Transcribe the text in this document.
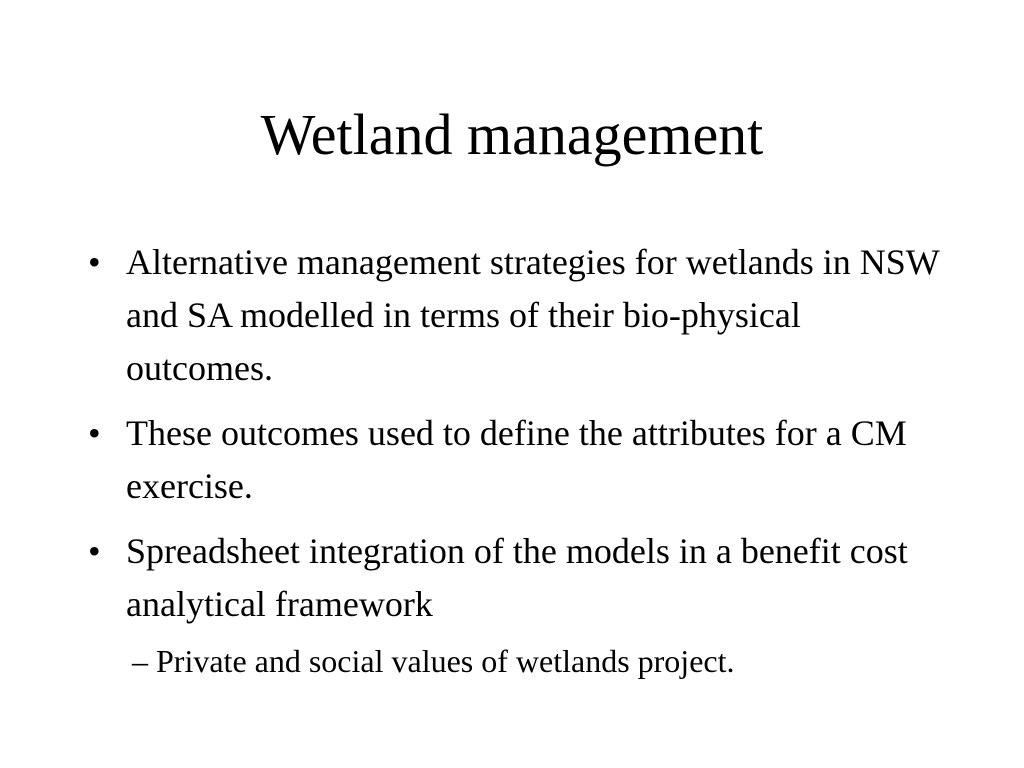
Wetland management
• Alternative management strategies for wetlands in NSW and SA modelled in terms of their bio-physical outcomes.
• These outcomes used to define the attributes for a CM exercise.
• Spreadsheet integration of the models in a benefit cost analytical framework
– Private and social values of wetlands project.
